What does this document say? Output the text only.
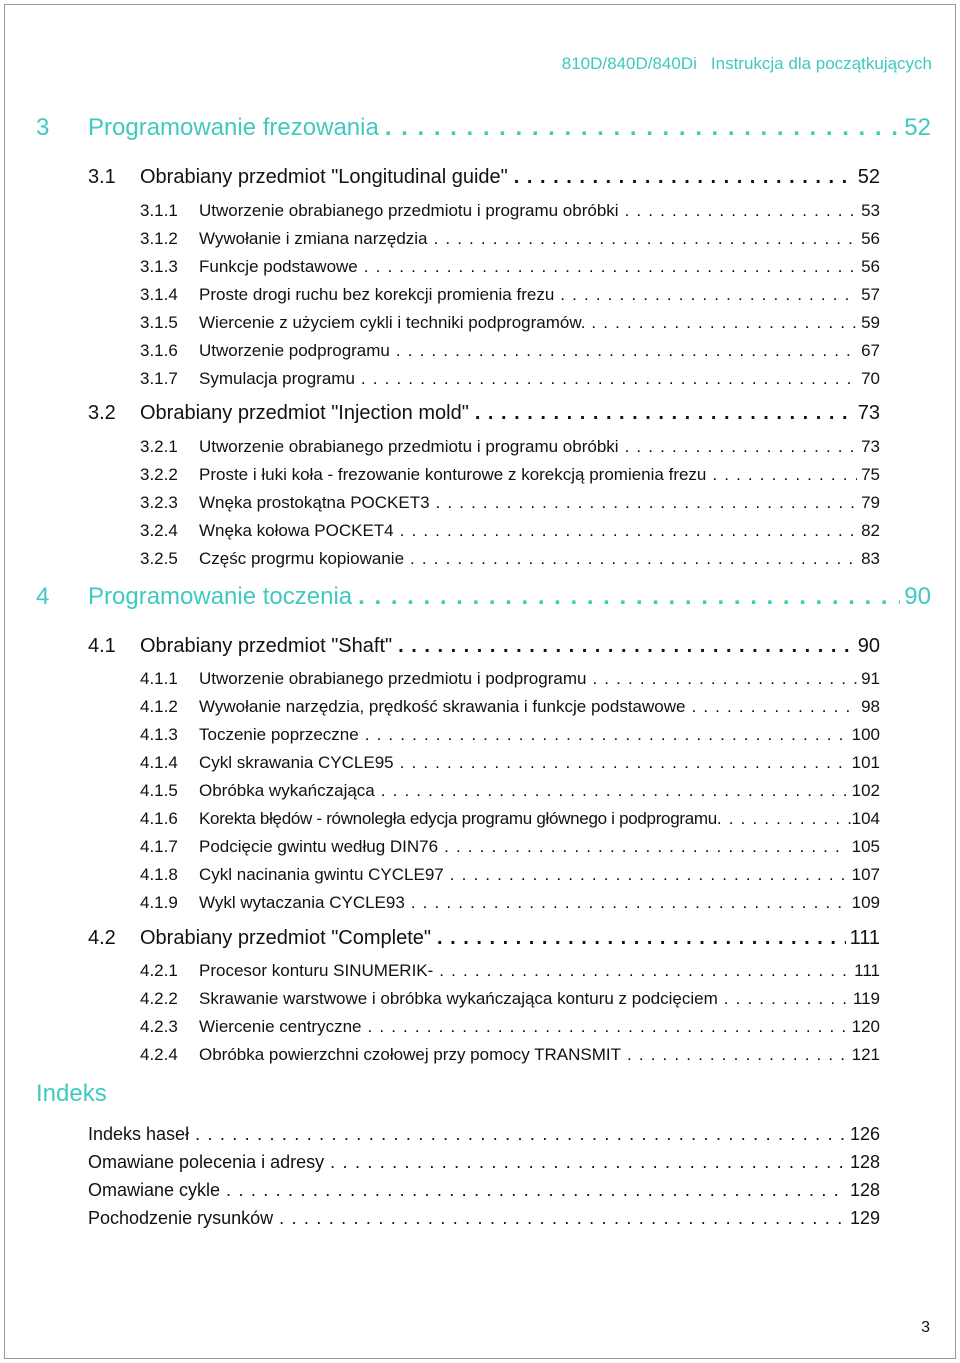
810D/840D/840Di Instrukcja dla początkujących
3	Programowanie frezowania . . .	52
3.1	Obrabiany przedmiot "Longitudinal guide" . . .	52
3.1.1	Utworzenie obrabianego przedmiotu i programu obróbki . . .	53
3.1.2	Wywołanie i zmiana narzędzia . . .	56
3.1.3	Funkcje podstawowe . . .	56
3.1.4	Proste drogi ruchu bez korekcji promienia frezu . . .	57
3.1.5	Wiercenie z użyciem cykli i techniki podprogramów. . . .	59
3.1.6	Utworzenie podprogramu . . .	67
3.1.7	Symulacja programu . . .	70
3.2	Obrabiany przedmiot "Injection mold" . . .	73
3.2.1	Utworzenie obrabianego przedmiotu i programu obróbki . . .	73
3.2.2	Proste i łuki koła - frezowanie konturowe z korekcją promienia frezu . . .	75
3.2.3	Wnęka prostokątna POCKET3 . . .	79
3.2.4	Wnęka kołowa POCKET4 . . .	82
3.2.5	Częśc progrmu kopiowanie . . .	83
4	Programowanie toczenia . . .	90
4.1	Obrabiany przedmiot "Shaft" . . .	90
4.1.1	Utworzenie obrabianego przedmiotu i podprogramu . . .	91
4.1.2	Wywołanie narzędzia, prędkość skrawania i funkcje podstawowe . . .	98
4.1.3	Toczenie poprzeczne . . .	100
4.1.4	Cykl skrawania CYCLE95 . . .	101
4.1.5	Obróbka wykańczająca . . .	102
4.1.6	Korekta błędów - równoległa edycja programu głównego i podprogramu . . .	104
4.1.7	Podcięcie gwintu według DIN76 . . .	105
4.1.8	Cykl nacinania gwintu CYCLE97 . . .	107
4.1.9	Wykl wytaczania CYCLE93 . . .	109
4.2	Obrabiany przedmiot "Complete" . . .	111
4.2.1	Procesor konturu SINUMERIK- . . .	111
4.2.2	Skrawanie warstwowe i obróbka wykańczająca konturu z podcięciem . . .	119
4.2.3	Wiercenie centryczne . . .	120
4.2.4	Obróbka powierzchni czołowej przy pomocy TRANSMIT . . .	121
Indeks
Indeks haseł . . .	126
Omawiane polecenia i adresy . . .	128
Omawiane cykle . . .	128
Pochodzenie rysunków . . .	129
3
